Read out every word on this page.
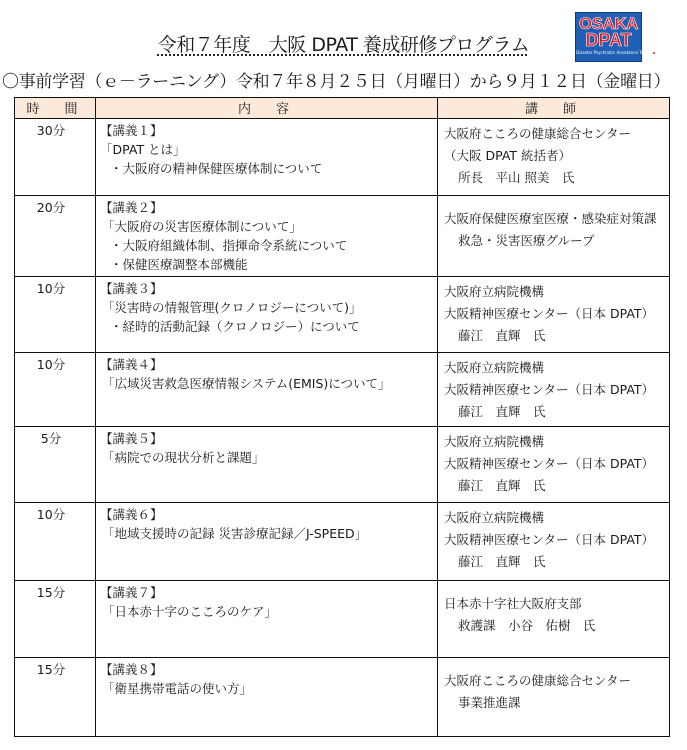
令和７年度　大阪 DPAT 養成研修プログラム
OSAKA
DPAT
Disaster Psychiatric Assistance Team
〇事前学習（ｅ－ラーニング）令和７年８月２５日（月曜日）から９月１２日（金曜日）
時　間	内　容	講　師
30分	【講義１】
「DPAT とは」
・大阪府の精神保健医療体制について

大阪府こころの健康総合センター
（大阪 DPAT 統括者）
所長　平山 照美　氏

20分	【講義２】
「大阪府の災害医療体制について」
・大阪府組織体制、指揮命令系統について
・保健医療調整本部機能

大阪府保健医療室医療・感染症対策課
救急・災害医療グループ

10分	【講義３】
「災害時の情報管理(クロノロジーについて)」
・経時的活動記録（クロノロジー）について

大阪府立病院機構
大阪精神医療センター（日本 DPAT）
藤江　直輝　氏

10分	【講義４】
「広域災害救急医療情報システム(EMIS)について」

大阪府立病院機構
大阪精神医療センター（日本 DPAT）
藤江　直輝　氏

5分	【講義５】
「病院での現状分析と課題」

大阪府立病院機構
大阪精神医療センター（日本 DPAT）
藤江　直輝　氏

10分	【講義６】
「地域支援時の記録 災害診療記録／J-SPEED」

大阪府立病院機構
大阪精神医療センター（日本 DPAT）
藤江　直輝　氏

15分	【講義７】
「日本赤十字のこころのケア」

日本赤十字社大阪府支部
救護課　小谷　佑樹　氏

15分	【講義８】
「衛星携帯電話の使い方」

大阪府こころの健康総合センター
事業推進課
